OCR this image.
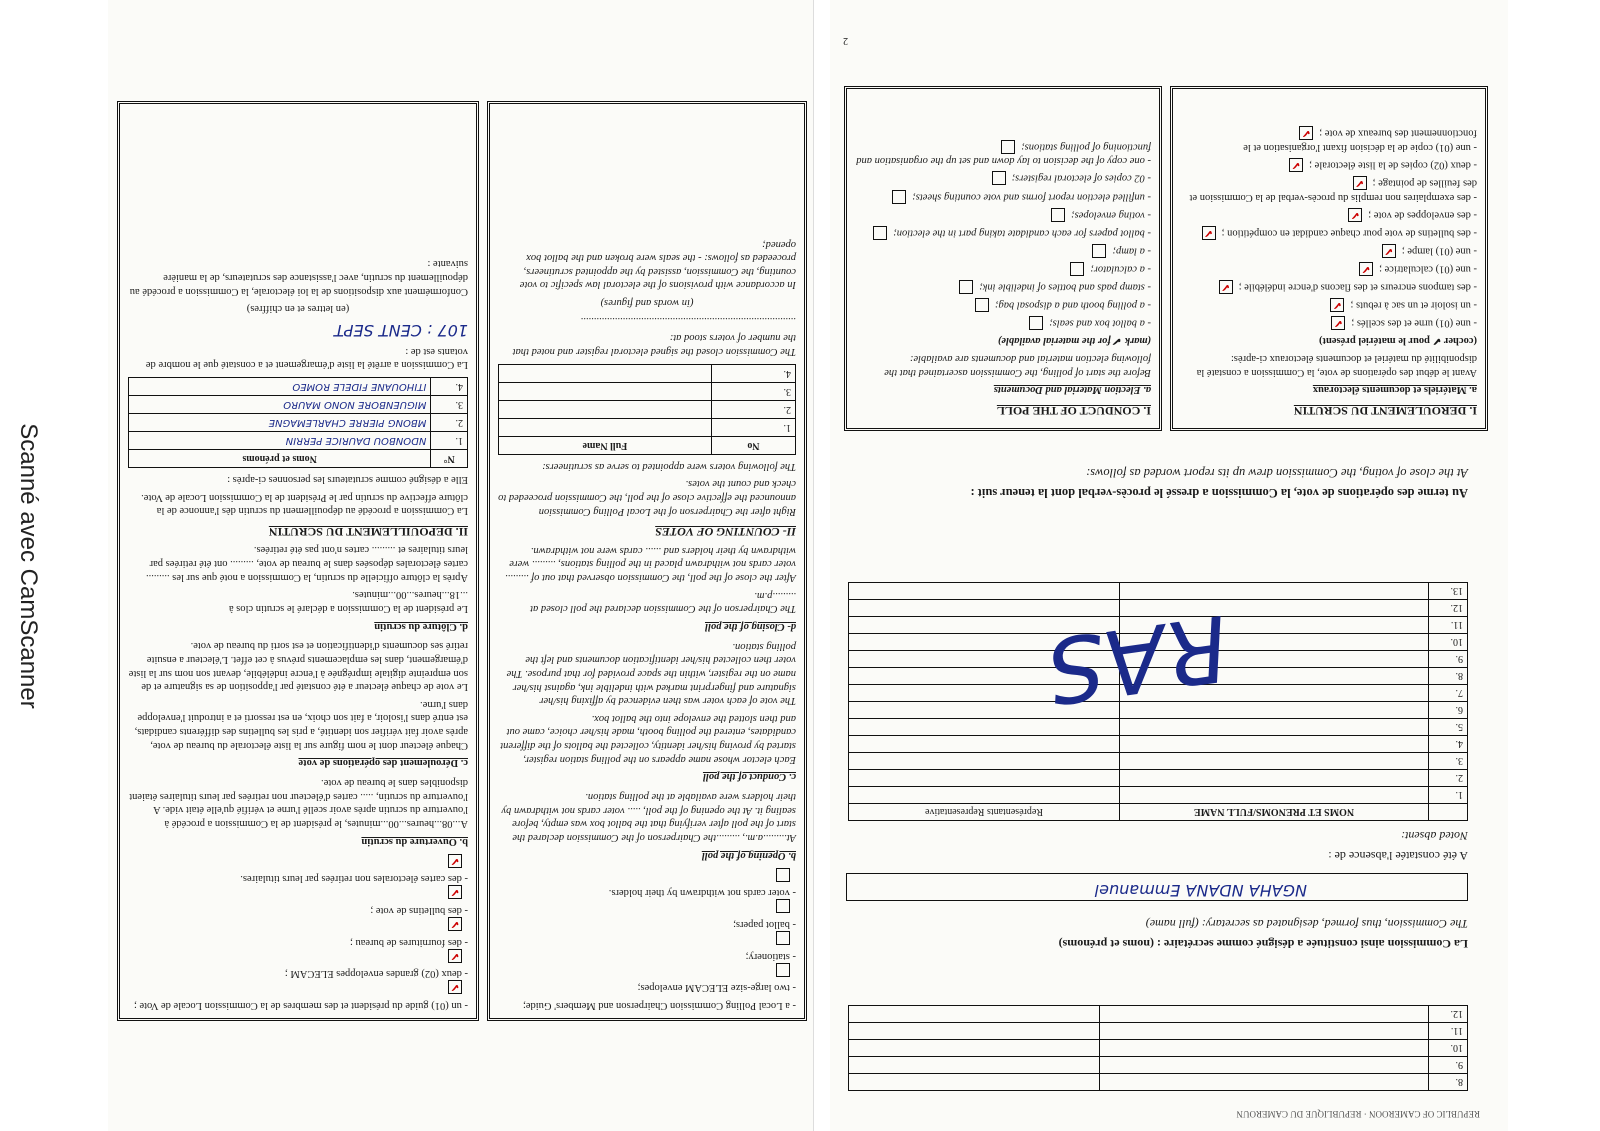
Scanné avec CamScanner

- a Local Polling Commission Chairperson and Members' Guide;

- two large-size ELECAM envelopes;

- stationery;

- ballot papers;

- voter cards not withdrawn by their holders.

b. Opening of the poll

At.........a.m., .........the Chairperson of the Commission declared the start of the poll after verifying that the ballot box was empty, before sealing it. At the opening of the poll, ..... voter cards not withdrawn by their holders were available at the polling station.

c. Conduct of the poll

Each elector whose name appears on the polling station register, started by proving his/her identity, collected the ballots of the different candidates, entered the polling booth, made his/her choice, came out and then slotted the envelope into the ballot box.

The vote of each voter was then evidenced by affixing his/her signature and fingerprint marked with indelible ink, against his/her name on the register, within the space provided for that purpose. The voter then collected his/her identification documents and left the polling station.

d- Closing of the poll

The Chairperson of the Commission declared the poll closed at .........p.m.

After the close of the poll, the Commission observed that out of ......... voter cards not withdrawn placed in the polling stations, ......... were withdrawn by their holders and ...... cards were not withdrawn.

II- COUNTING OF VOTES

Right after the Chairperson of the Local Polling Commission announced the effective close of the poll, the Commission proceeded to check and count the votes.

The following voters were appointed to serve as scrutineers:

No	Full Name
1.	
2.	
3.	
4.	

The Commission closed the signed electoral register and noted that the number of voters stood at:

..................................................................................

(in words and figures)

In accordance with provisions of the electoral law specific to vote counting, the Commission, assisted by the appointed scrutineers, proceeded as follows: - the seals were broken and the ballot box opened;

- un (01) guide du président et des membres de la Commission Locale de Vote ;

✔

- deux (02) grandes enveloppes ELECAM ;

✔

- des fournitures de bureau ;

✔

- des bulletins de vote ;

✔

- des cartes électorales non retirées par leurs titulaires.

✔

b. Ouverture du scrutin

A...08...heures...00...minutes, le président de la Commission a procédé à l'ouverture du scrutin après avoir scellé l'urne et vérifié qu'elle était vide. A l'ouverture du scrutin, ..... cartes d'électeur non retirées par leurs titulaires étaient disponibles dans le bureau de vote.

c. Déroulement des opérations de vote

Chaque électeur dont le nom figure sur la liste électorale du bureau de vote, après avoir fait vérifier son identité, a pris les bulletins des différents candidats, est entré dans l'isoloir, a fait son choix, en est ressorti et a introduit l'enveloppe dans l'urne.

Le vote de chaque électeur a été constaté par l'apposition de sa signature et de son empreinte digitale imprégnée à l'encre indélébile, devant son nom sur la liste d'émargement, dans les emplacements prévus à cet effet. L'électeur a ensuite retiré ses documents d'identification et est sorti du bureau de vote.

d. Clôture du scrutin

Le président de la Commission a déclaré le scrutin clos à ...18...heures...00...minutes.

Après la clôture officielle du scrutin, la Commission a noté que sur les ......... cartes électorales déposées dans le bureau de vote, ......... ont été retirées par leurs titulaires et ......... cartes n'ont pas été retirées.

II. DEPOUILLEMENT DU SCRUTIN

La Commission a procédé au dépouillement du scrutin dès l'annonce de la clôture effective du scrutin par le Président de la Commission Locale de Vote.

Elle a désigné comme scrutateurs les personnes ci-après :

N°	Noms et prénoms
1.	NDONBOU DAURICE PERRIN
2.	MBONG PIERRE CHARLEMAGNE
3.	MIGUENBORE NONO MAURO
4.	ITIHOUANE FIDELE ROMEO

La Commission a arrêté la liste d'émargement et a constaté que le nombre de votants est de :

107 : CENT SEPT

(en lettres et en chiffres)

Conformément aux dispositions de la loi électorale, la Commission a procédé au dépouillement du scrutin, avec l'assistance des scrutateurs, de la manière suivante :

2
REPUBLIC OF CAMEROON · REPUBLIQUE DU CAMEROUN
8.		
9.		
10.		
11.		
12.		

La Commission ainsi constituée a désigné comme secrétaire : (noms et prénoms)

The Commission, thus formed, designated as secretary: (full name)

NGAHA NDANA Emmanuel

A été constatée l'absence de :

Noted absent:

	NOMS ET PRENOMS/FULL NAME	Représentants Representative
1.		
2.		
3.		
4.		
5.		
6.		
7.		
8.		
9.		
10.		
11.		
12.		
13.		
RAS

Au terme des opérations de vote, la Commission a dressé le procès-verbal dont la teneur suit :

At the close of voting, the Commission drew up its report worded as follows:

I. DEROULEMENT DU SCRUTIN

a. Matériels et documents électoraux

Avant le début des opérations de vote, la Commission a constaté la disponibilité du matériel et documents électoraux ci-après:

(cocher ✔ pour le matériel présent)

- une (01) urne et des scellés ;✔

- un isoloir et un sac à rebuts ;✔

- des tampons encreurs et des flacons d'encre indélébile ;✔

- une (01) calculatrice ;✔

- une (01) lampe ;✔

- des bulletins de vote pour chaque candidat en compétition ;✔

- des enveloppes de vote ;✔

- des exemplaires non remplis du procès-verbal de la Commission et des feuilles de pointage ;✔

- deux (02) copies de la liste électorale ;✔

- une (01) copie de la décision fixant l'organisation et le fonctionnement des bureaux de vote ;✔

I. CONDUCT OF THE POLL

a. Election Material and Documents

Before the start of polling, the Commission ascertained that the following election material and documents are available:

(mark ✔ for the material available)

- a ballot box and seals;

- a polling booth and a disposal bag;

- stamp pads and bottles of indelible ink;

- a calculator;

- a lamp;

- ballot papers for each candidate taking part in the election;

- voting envelopes;

- unfilled election report forms and vote counting sheets;

- 02 copies of electoral registers;

- one copy of the decision to lay down and set up the organisation and functioning of polling stations;
